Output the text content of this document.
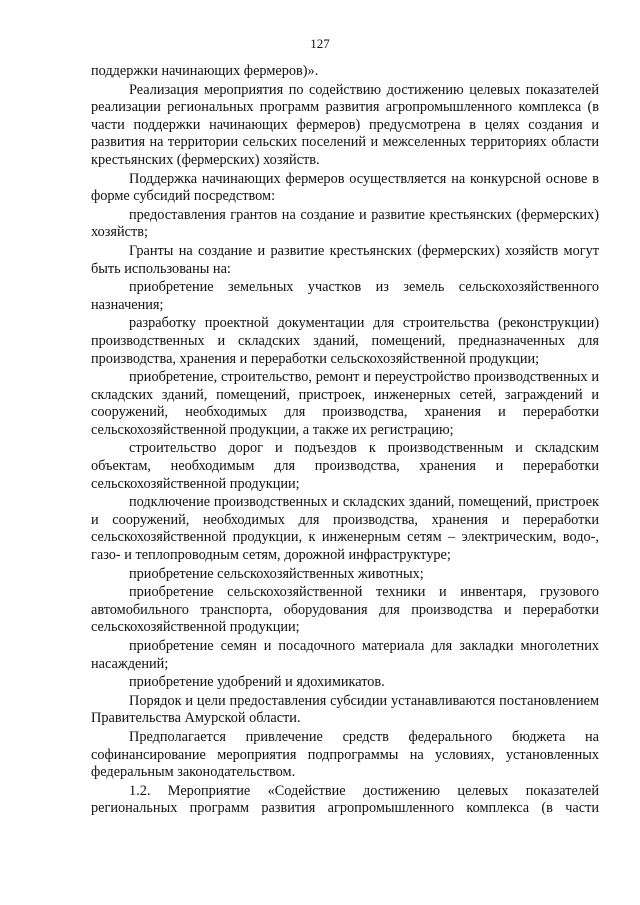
127

поддержки начинающих фермеров)».

Реализация мероприятия по содействию достижению целевых показателей реализации региональных программ развития агропромышленного комплекса (в части поддержки начинающих фермеров) предусмотрена в целях создания и развития на территории сельских поселений и межселенных территориях области крестьянских (фермерских) хозяйств.

Поддержка начинающих фермеров осуществляется на конкурсной основе в форме субсидий посредством:

предоставления грантов на создание и развитие крестьянских (фермерских) хозяйств;

Гранты на создание и развитие крестьянских (фермерских) хозяйств могут быть использованы на:

приобретение земельных участков из земель сельскохозяйственного назначения;

разработку проектной документации для строительства (реконструкции) производственных и складских зданий, помещений, предназначенных для производства, хранения и переработки сельскохозяйственной продукции;

приобретение, строительство, ремонт и переустройство производственных и складских зданий, помещений, пристроек, инженерных сетей, заграждений и сооружений, необходимых для производства, хранения и переработки сельскохозяйственной продукции, а также их регистрацию;

строительство дорог и подъездов к производственным и складским объектам, необходимым для производства, хранения и переработки сельскохозяйственной продукции;

подключение производственных и складских зданий, помещений, пристроек и сооружений, необходимых для производства, хранения и переработки сельскохозяйственной продукции, к инженерным сетям – электрическим, водо-, газо- и теплопроводным сетям, дорожной инфраструктуре;

приобретение сельскохозяйственных животных;

приобретение сельскохозяйственной техники и инвентаря, грузового автомобильного транспорта, оборудования для производства и переработки сельскохозяйственной продукции;

приобретение семян и посадочного материала для закладки многолетних насаждений;

приобретение удобрений и ядохимикатов.

Порядок и цели предоставления субсидии устанавливаются постановлением Правительства Амурской области.

Предполагается привлечение средств федерального бюджета на софинансирование мероприятия подпрограммы на условиях, установленных федеральным законодательством.

1.2. Мероприятие «Содействие достижению целевых показателей региональных программ развития агропромышленного комплекса (в части
